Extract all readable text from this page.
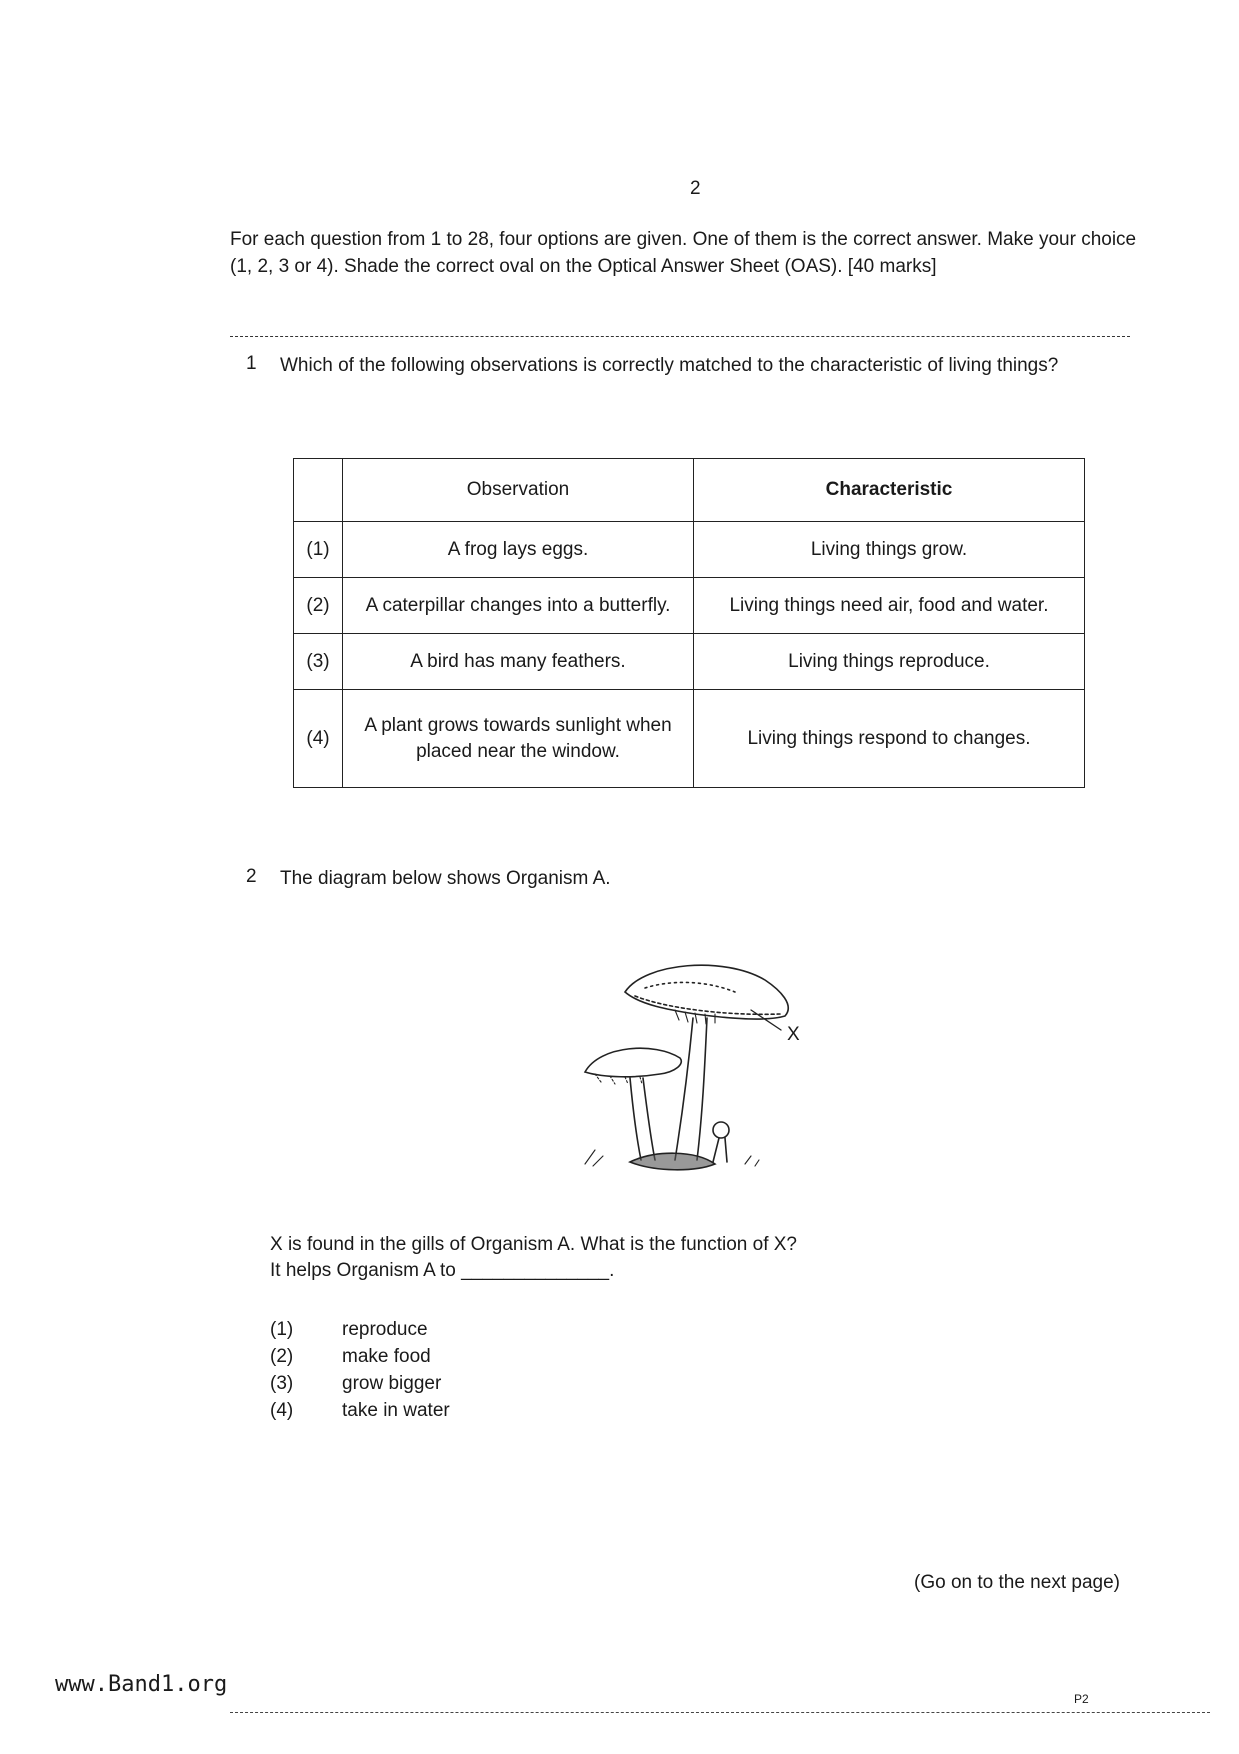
2
For each question from 1 to 28, four options are given. One of them is the correct answer. Make your choice (1, 2, 3 or 4). Shade the correct oval on the Optical Answer Sheet (OAS). [40 marks]
1 Which of the following observations is correctly matched to the characteristic of living things?
	Observation	Characteristic
(1)	A frog lays eggs.	Living things grow.
(2)	A caterpillar changes into a butterfly.	Living things need air, food and water.
(3)	A bird has many feathers.	Living things reproduce.
(4)	A plant grows towards sunlight when placed near the window.	Living things respond to changes.
2 The diagram below shows Organism A.
X
X is found in the gills of Organism A. What is the function of X?
It helps Organism A to ______________.
(1)	reproduce
(2)	make food
(3)	grow bigger
(4)	take in water
(Go on to the next page)
www.Band1.org
P2
